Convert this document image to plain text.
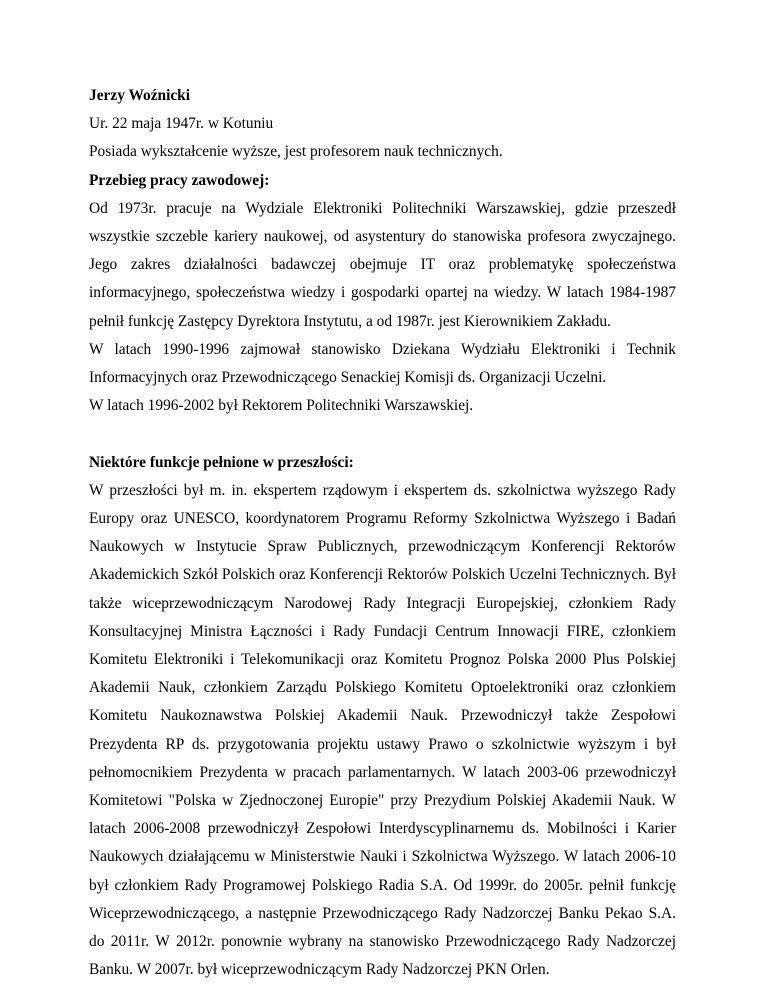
Jerzy Woźnicki

Ur. 22 maja 1947r. w Kotuniu

Posiada wykształcenie wyższe, jest profesorem nauk technicznych.

Przebieg pracy zawodowej:

Od 1973r. pracuje na Wydziale Elektroniki Politechniki Warszawskiej, gdzie przeszedł wszystkie szczeble kariery naukowej, od asystentury do stanowiska profesora zwyczajnego. Jego zakres działalności badawczej obejmuje IT oraz problematykę społeczeństwa informacyjnego, społeczeństwa wiedzy i gospodarki opartej na wiedzy. W latach 1984-1987 pełnił funkcję Zastępcy Dyrektora Instytutu, a od 1987r. jest Kierownikiem Zakładu.

W latach 1990-1996 zajmował stanowisko Dziekana Wydziału Elektroniki i Technik Informacyjnych oraz Przewodniczącego Senackiej Komisji ds. Organizacji Uczelni.

W latach 1996-2002 był Rektorem Politechniki Warszawskiej.

Niektóre funkcje pełnione w przeszłości:

W przeszłości był m. in. ekspertem rządowym i ekspertem ds. szkolnictwa wyższego Rady Europy oraz UNESCO, koordynatorem Programu Reformy Szkolnictwa Wyższego i Badań Naukowych w Instytucie Spraw Publicznych, przewodniczącym Konferencji Rektorów Akademickich Szkół Polskich oraz Konferencji Rektorów Polskich Uczelni Technicznych. Był także wiceprzewodniczącym Narodowej Rady Integracji Europejskiej, członkiem Rady Konsultacyjnej Ministra Łączności i Rady Fundacji Centrum Innowacji FIRE, członkiem Komitetu Elektroniki i Telekomunikacji oraz Komitetu Prognoz Polska 2000 Plus Polskiej Akademii Nauk, członkiem Zarządu Polskiego Komitetu Optoelektroniki oraz członkiem Komitetu Naukoznawstwa Polskiej Akademii Nauk. Przewodniczył także Zespołowi Prezydenta RP ds. przygotowania projektu ustawy Prawo o szkolnictwie wyższym i był pełnomocnikiem Prezydenta w pracach parlamentarnych. W latach 2003-06 przewodniczył Komitetowi "Polska w Zjednoczonej Europie" przy Prezydium Polskiej Akademii Nauk. W latach 2006-2008 przewodniczył Zespołowi Interdyscyplinarnemu ds. Mobilności i Karier Naukowych działającemu w Ministerstwie Nauki i Szkolnictwa Wyższego. W latach 2006-10 był członkiem Rady Programowej Polskiego Radia S.A. Od 1999r. do 2005r. pełnił funkcję Wiceprzewodniczącego, a następnie Przewodniczącego Rady Nadzorczej Banku Pekao S.A. do 2011r. W 2012r. ponownie wybrany na stanowisko Przewodniczącego Rady Nadzorczej Banku. W 2007r. był wiceprzewodniczącym Rady Nadzorczej PKN Orlen.
